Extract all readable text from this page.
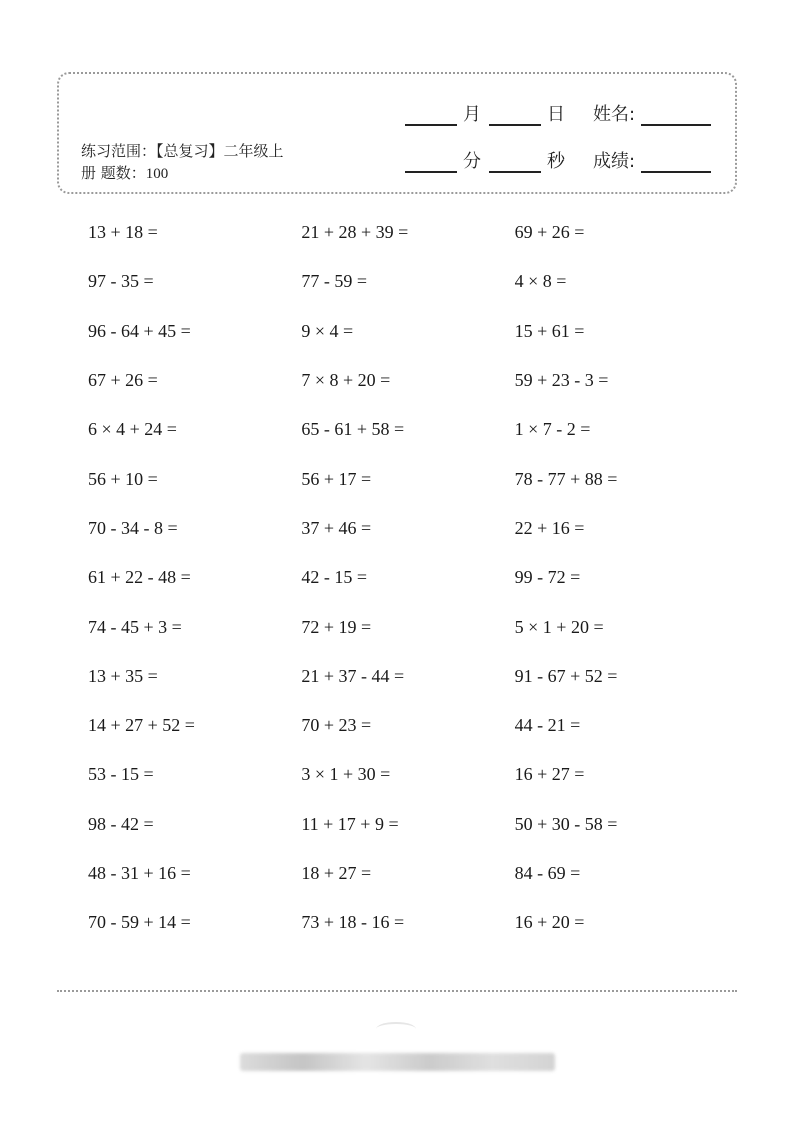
月	日 姓名:
分	秒 成绩:
练习范围：【总复习】二年级上
册 题数：100
13 + 18 =	21 + 28 + 39 =	69 + 26 =
97 - 35 =	77 - 59 =	4 × 8 =
96 - 64 + 45 =	9 × 4 =	15 + 61 =
67 + 26 =	7 × 8 + 20 =	59 + 23 - 3 =
6 × 4 + 24 =	65 - 61 + 58 =	1 × 7 - 2 =
56 + 10 =	56 + 17 =	78 - 77 + 88 =
70 - 34 - 8 =	37 + 46 =	22 + 16 =
61 + 22 - 48 =	42 - 15 =	99 - 72 =
74 - 45 + 3 =	72 + 19 =	5 × 1 + 20 =
13 + 35 =	21 + 37 - 44 =	91 - 67 + 52 =
14 + 27 + 52 =	70 + 23 =	44 - 21 =
53 - 15 =	3 × 1 + 30 =	16 + 27 =
98 - 42 =	11 + 17 + 9 =	50 + 30 - 58 =
48 - 31 + 16 =	18 + 27 =	84 - 69 =
70 - 59 + 14 =	73 + 18 - 16 =	16 + 20 =
